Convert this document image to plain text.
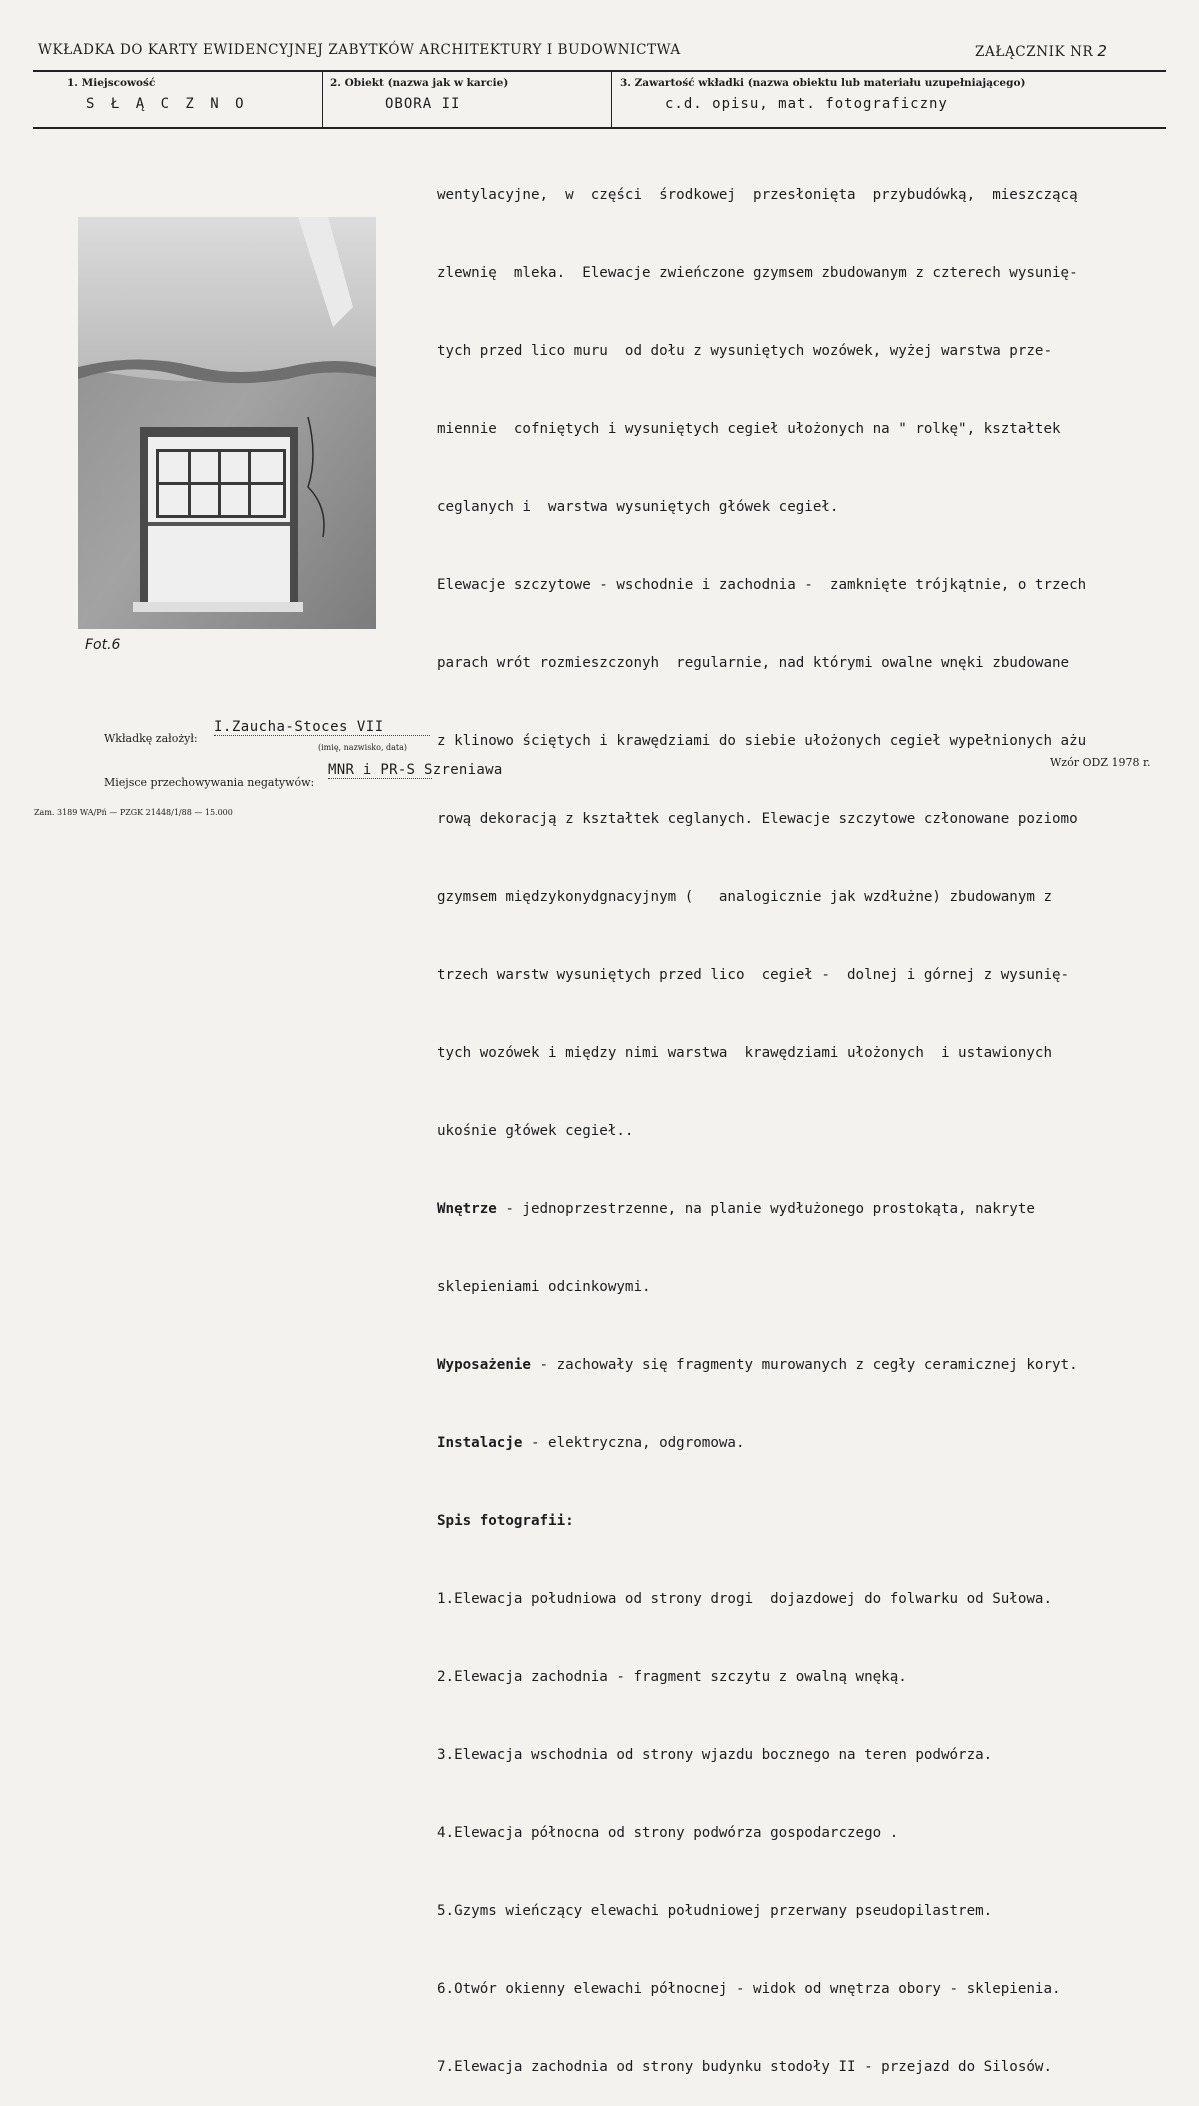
WKŁADKA DO KARTY EWIDENCYJNEJ ZABYTKÓW ARCHITEKTURY I BUDOWNICTWA	ZAŁĄCZNIK NR 2
1. Miejscowość
S Ł Ą C Z N O
2. Obiekt (nazwa jak w karcie)
OBORA II
3. Zawartość wkładki (nazwa obiektu lub materiału uzupełniającego)
c.d. opisu, mat. fotograficzny
Fot.6

wentylacyjne,  w  części  środkowej  przesłonięta  przybudówką,  mieszczącą

zlewnię  mleka.  Elewacje zwieńczone gzymsem zbudowanym z czterech wysunię-

tych przed lico muru  od dołu z wysuniętych wozówek, wyżej warstwa prze-

miennie  cofniętych i wysuniętych cegieł ułożonych na " rolkę", kształtek

ceglanych i  warstwa wysuniętych główek cegieł.

Elewacje szczytowe - wschodnie i zachodnia -  zamknięte trójkątnie, o trzech

parach wrót rozmieszczonyh  regularnie, nad którymi owalne wnęki zbudowane

z klinowo ściętych i krawędziami do siebie ułożonych cegieł wypełnionych ażu

rową dekoracją z kształtek ceglanych. Elewacje szczytowe członowane poziomo

gzymsem międzykonydgnacyjnym (   analogicznie jak wzdłużne) zbudowanym z

trzech warstw wysuniętych przed lico  cegieł -  dolnej i górnej z wysunię-

tych wozówek i między nimi warstwa  krawędziami ułożonych  i ustawionych

ukośnie główek cegieł..

Wnętrze - jednoprzestrzenne, na planie wydłużonego prostokąta, nakryte

sklepieniami odcinkowymi.

Wyposażenie - zachowały się fragmenty murowanych z cegły ceramicznej koryt.

Instalacje - elektryczna, odgromowa.

Spis fotografii:

1.Elewacja południowa od strony drogi  dojazdowej do folwarku od Sułowa.

2.Elewacja zachodnia - fragment szczytu z owalną wnęką.

3.Elewacja wschodnia od strony wjazdu bocznego na teren podwórza.

4.Elewacja północna od strony podwórza gospodarczego .

5.Gzyms wieńczący elewachi południowej przerwany pseudopilastrem.

6.Otwór okienny elewachi północnej - widok od wnętrza obory - sklepienia.

7.Elewacja zachodnia od strony budynku stodoły II - przejazd do Silosów.

Wkładkę założył:
I.Zaucha-Stoces VII
(imię, nazwisko, data)
Miejsce przechowywania negatywów:
MNR i PR-S Szreniawa	Wzór ODZ 1978 r.
Zam. 3189 WA/Pń — PZGK 21448/1/88 — 15.000
